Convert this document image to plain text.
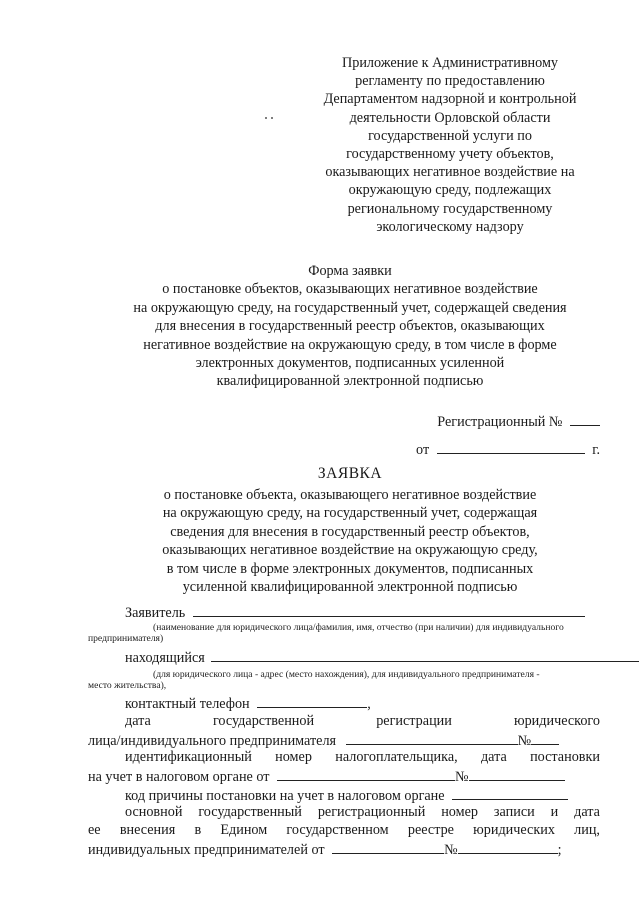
Приложение к Административному
регламенту по предоставлению
Департаментом надзорной и контрольной
деятельности Орловской области
государственной услуги по
государственному учету объектов,
оказывающих негативное воздействие на
окружающую среду, подлежащих
региональному государственному
экологическому надзору
Форма заявки
о постановке объектов, оказывающих негативное воздействие
на окружающую среду, на государственный учет, содержащей сведения
для внесения в государственный реестр объектов, оказывающих
негативное воздействие на окружающую среду, в том числе в форме
электронных документов, подписанных усиленной
квалифицированной электронной подписью
Регистрационный №
от	г.
ЗАЯВКА
о постановке объекта, оказывающего негативное воздействие
на окружающую среду, на государственный учет, содержащая
сведения для внесения в государственный реестр объектов,
оказывающих негативное воздействие на окружающую среду,
в том числе в форме электронных документов, подписанных
усиленной квалифицированной электронной подписью
Заявитель
(наименование для юридического лица/фамилия, имя, отчество (при наличии) для индивидуального
предпринимателя)
находящийся
(для юридического лица - адрес (место нахождения), для индивидуального предпринимателя -
место жительства),
контактный телефон	,
дата	государственной	регистрации	юридического
лица/индивидуального предпринимателя	№
идентификационный номер налогоплательщика, дата постановки
на учет в налоговом органе от	№
код причины постановки на учет в налоговом органе
основной государственный регистрационный номер записи и дата
ее внесения в Едином государственном реестре юридических лиц,
индивидуальных предпринимателей от	№	;
